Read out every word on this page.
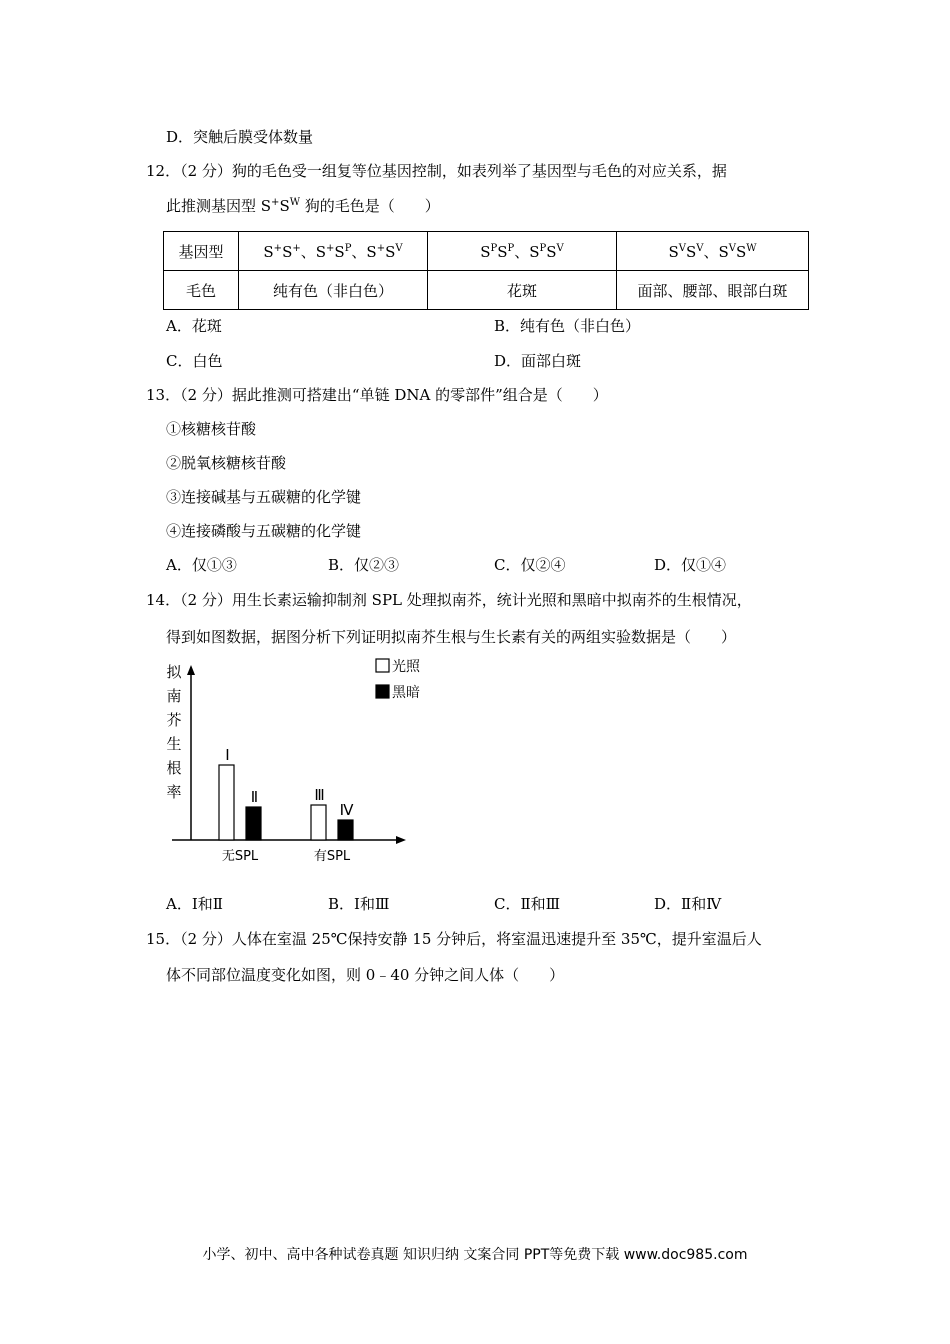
D．突触后膜受体数量
12．（2 分）狗的毛色受一组复等位基因控制，如表列举了基因型与毛色的对应关系，据
此推测基因型 $S^+S^W$ 狗的毛色是（　　）
基因型	S+S+、$S^+S^P$、$S^+S^V$	$S^PS^P$、$S^PS^V$	$S^VS^V$、$S^VS^W$
毛色	纯有色（非白色）	花斑	面部、腰部、眼部白斑
A．花斑	B．纯有色（非白色）
C．白色	D．面部白斑
13．（2 分）据此推测可搭建出“单链 DNA 的零部件”组合是（　　）
①核糖核苷酸
②脱氧核糖核苷酸
③连接碱基与五碳糖的化学键
④连接磷酸与五碳糖的化学键
A．仅①③	B．仅②③	C．仅②④	D．仅①④
14．（2 分）用生长素运输抑制剂 SPL 处理拟南芥，统计光照和黑暗中拟南芥的生根情况，
得到如图数据，据图分析下列证明拟南芥生根与生长素有关的两组实验数据是（　　）
拟
南
芥
生
根
率
Ⅰ
Ⅱ
无SPL
Ⅲ
Ⅳ
有SPL
光照
黑暗
A．Ⅰ和Ⅱ	B．Ⅰ和Ⅲ	C．Ⅱ和Ⅲ	D．Ⅱ和Ⅳ
15．（2 分）人体在室温 25℃保持安静 15 分钟后，将室温迅速提升至 35℃，提升室温后人
体不同部位温度变化如图，则 0﹣40 分钟之间人体（　　）
小学、初中、高中各种试卷真题 知识归纳 文案合同 PPT等免费下载 www.doc985.com
